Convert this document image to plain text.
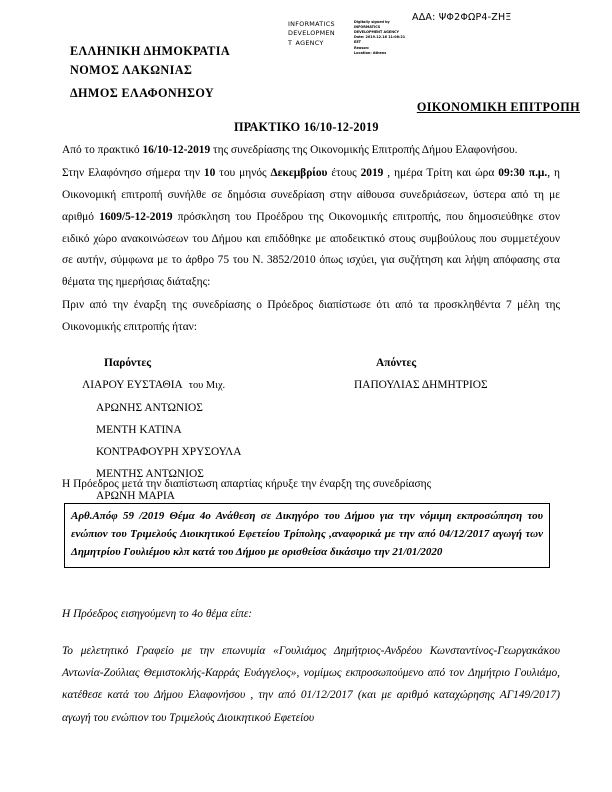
ΑΔΑ: ΨΦ2ΦΩΡ4-ΖΗΞ
INFORMATICS
DEVELOPMEN
T AGENCY
Digitally signed by
INFORMATICS
DEVELOPMENT AGENCY
Date: 2019.12.16 11:08:21
EET
Reason:
Location: Athens
ΕΛΛΗΝΙΚΗ ΔΗΜΟΚΡΑΤΙΑ
ΝΟΜΟΣ ΛΑΚΩΝΙΑΣ
ΔΗΜΟΣ ΕΛΑΦΟΝΗΣΟΥ
ΟΙΚΟΝΟΜΙΚΗ ΕΠΙΤΡΟΠΗ
ΠΡΑΚΤΙΚΟ 16/10-12-2019

Από το πρακτικό 16/10-12-2019 της συνεδρίασης της Οικονομικής Επιτροπής Δήμου Ελαφονήσου.

Στην Ελαφόνησο σήμερα την 10 του μηνός Δεκεμβρίου έτους 2019 , ημέρα Τρίτη και ώρα 09:30 π.μ., η Οικονομική επιτροπή συνήλθε σε δημόσια συνεδρίαση στην αίθουσα συνεδριάσεων, ύστερα από τη με αριθμό 1609/5-12-2019 πρόσκληση του Προέδρου της Οικονομικής επιτροπής, που δημοσιεύθηκε στον ειδικό χώρο ανακοινώσεων του Δήμου και επιδόθηκε με αποδεικτικό στους συμβούλους που συμμετέχουν σε αυτήν, σύμφωνα με το άρθρο 75 του Ν. 3852/2010 όπως ισχύει, για συζήτηση και λήψη απόφασης στα θέματα της ημερήσιας διάταξης:

Πριν από την έναρξη της συνεδρίασης ο Πρόεδρος διαπίστωσε ότι από τα προσκληθέντα 7 μέλη της Οικονομικής επιτροπής ήταν:

Παρόντες	Απόντες
ΛΙΑΡΟΥ ΕΥΣΤΑΘΙΑ του Μιχ.	ΠΑΠΟΥΛΙΑΣ ΔΗΜΗΤΡΙΟΣ
ΑΡΩΝΗΣ ΑΝΤΩΝΙΟΣ
ΜΕΝΤΗ ΚΑΤΙΝΑ
ΚΟΝΤΡΑΦΟΥΡΗ ΧΡΥΣΟΥΛΑ
ΜΕΝΤΗΣ ΑΝΤΩΝΙΟΣ
ΑΡΩΝΗ ΜΑΡΙΑ
Η Πρόεδρος μετά την διαπίστωση απαρτίας κήρυξε την έναρξη της συνεδρίασης

Αρθ.Απόφ 59 /2019 Θέμα 4ο Ανάθεση σε Δικηγόρο του Δήμου για την νόμιμη εκπροσώπηση του ενώπιον του Τριμελούς Διοικητικού Εφετείου Τρίπολης ,αναφορικά με την από 04/12/2017 αγωγή των Δημητρίου Γουλιέμου κλπ κατά του Δήμου με ορισθείσα δικάσιμο την 21/01/2020

Η Πρόεδρος εισηγούμενη το 4ο θέμα είπε:
Το μελετητικό Γραφείο με την επωνυμία «Γουλιάμος Δημήτριος-Ανδρέου Κωνσταντίνος-Γεωργακάκου Αντωνία-Ζούλιας Θεμιστοκλής-Καρράς Ευάγγελος», νομίμως εκπροσωπούμενο από τον Δημήτριο Γουλιάμο, κατέθεσε κατά του Δήμου Ελαφονήσου , την από 01/12/2017 (και με αριθμό καταχώρησης ΑΓ149/2017) αγωγή του ενώπιον του Τριμελούς Διοικητικού Εφετείου
